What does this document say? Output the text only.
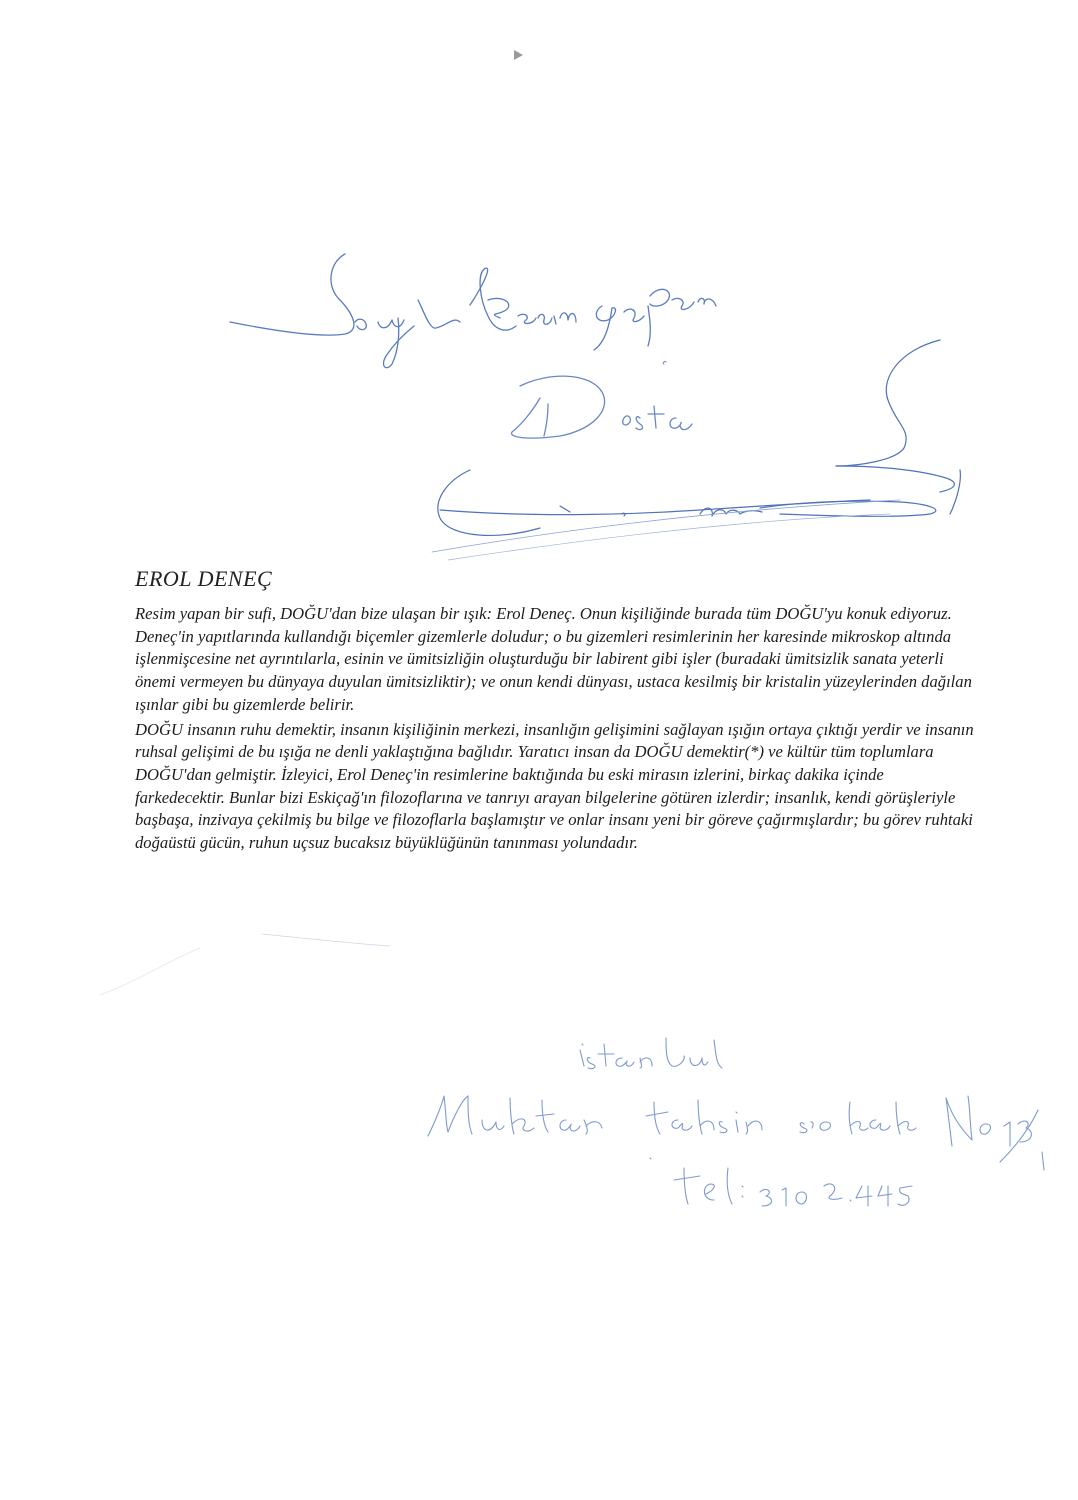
EROL DENEÇ

Resim yapan bir sufi, DOĞU'dan bize ulaşan bir ışık: Erol Deneç. Onun kişiliğinde burada tüm DOĞU'yu konuk ediyoruz. Deneç'in yapıtlarında kullandığı biçemler gizemlerle doludur; o bu gizemleri resimlerinin her karesinde mikroskop altında işlenmişcesine net ayrıntılarla, esinin ve ümitsizliğin oluşturduğu bir labirent gibi işler (buradaki ümitsizlik sanata yeterli önemi vermeyen bu dünyaya duyulan ümitsizliktir); ve onun kendi dünyası, ustaca kesilmiş bir kristalin yüzeylerinden dağılan ışınlar gibi bu gizemlerde belirir.

DOĞU insanın ruhu demektir, insanın kişiliğinin merkezi, insanlığın gelişimini sağlayan ışığın ortaya çıktığı yerdir ve insanın ruhsal gelişimi de bu ışığa ne denli yaklaştığına bağlıdır. Yaratıcı insan da DOĞU demektir(*) ve kültür tüm toplumlara DOĞU'dan gelmiştir. İzleyici, Erol Deneç'in resimlerine baktığında bu eski mirasın izlerini, birkaç dakika içinde farkedecektir. Bunlar bizi Eskiçağ'ın filozoflarına ve tanrıyı arayan bilgelerine götüren izlerdir; insanlık, kendi görüşleriyle başbaşa, inzivaya çekilmiş bu bilge ve filozoflarla başlamıştır ve onlar insanı yeni bir göreve çağırmışlardır; bu görev ruhtaki doğaüstü gücün, ruhun uçsuz bucaksız büyüklüğünün tanınması yolundadır.
